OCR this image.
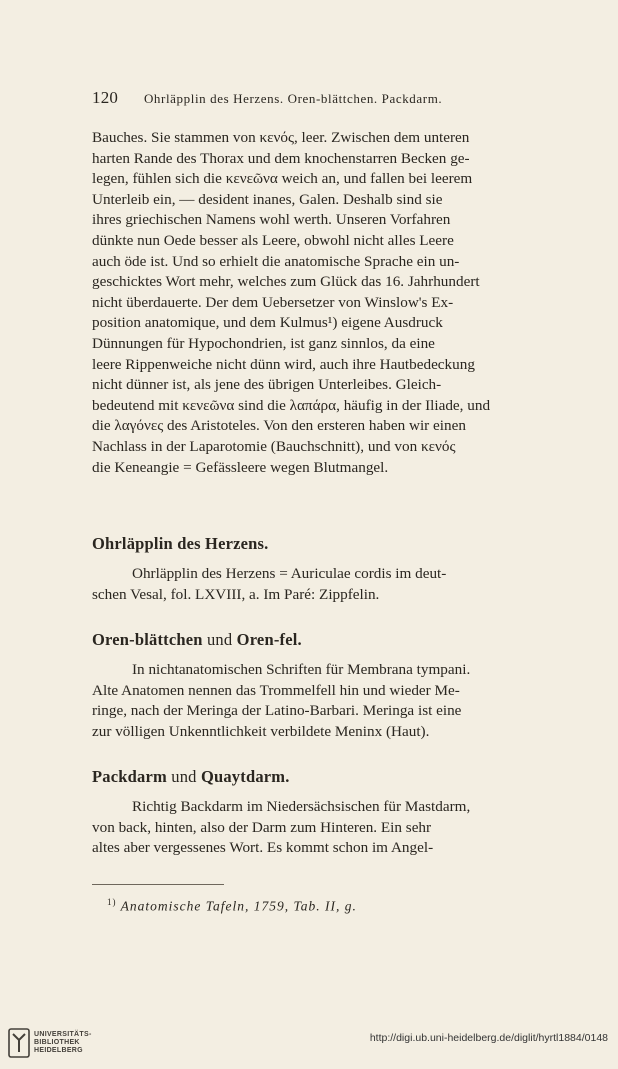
120 Ohrläpplin des Herzens. Oren-blättchen. Packdarm.

Bauches. Sie stammen von κενός, leer. Zwischen dem unteren

harten Rande des Thorax und dem knochenstarren Becken ge-

legen, fühlen sich die κενεῶνα weich an, und fallen bei leerem

Unterleib ein, — desident inanes, Galen. Deshalb sind sie

ihres griechischen Namens wohl werth. Unseren Vorfahren

dünkte nun Oede besser als Leere, obwohl nicht alles Leere

auch öde ist. Und so erhielt die anatomische Sprache ein un-

geschicktes Wort mehr, welches zum Glück das 16. Jahrhundert

nicht überdauerte. Der dem Uebersetzer von Winslow's Ex-

position anatomique, und dem Kulmus¹) eigene Ausdruck

Dünnungen für Hypochondrien, ist ganz sinnlos, da eine

leere Rippenweiche nicht dünn wird, auch ihre Hautbedeckung

nicht dünner ist, als jene des übrigen Unterleibes. Gleich-

bedeutend mit κενεῶνα sind die λαπάρα, häufig in der Iliade, und

die λαγόνες des Aristoteles. Von den ersteren haben wir einen

Nachlass in der Laparotomie (Bauchschnitt), und von κενός

die Keneangie = Gefässleere wegen Blutmangel.

Ohrläpplin des Herzens.

Ohrläpplin des Herzens = Auriculae cordis im deut-

schen Vesal, fol. LXVIII, a. Im Paré: Zippfelin.

Oren-blättchen und Oren-fel.

In nichtanatomischen Schriften für Membrana tympani.

Alte Anatomen nennen das Trommelfell hin und wieder Me-

ringe, nach der Meringa der Latino-Barbari. Meringa ist eine

zur völligen Unkenntlichkeit verbildete Meninx (Haut).

Packdarm und Quaytdarm.

Richtig Backdarm im Niedersächsischen für Mastdarm,

von back, hinten, also der Darm zum Hinteren. Ein sehr

altes aber vergessenes Wort. Es kommt schon im Angel-

$^{1)}$ Anatomische Tafeln, 1759, Tab. II, g.
UNIVERSITÄTS-
BIBLIOTHEK
HEIDELBERG
http://digi.ub.uni-heidelberg.de/diglit/hyrtl1884/0148
